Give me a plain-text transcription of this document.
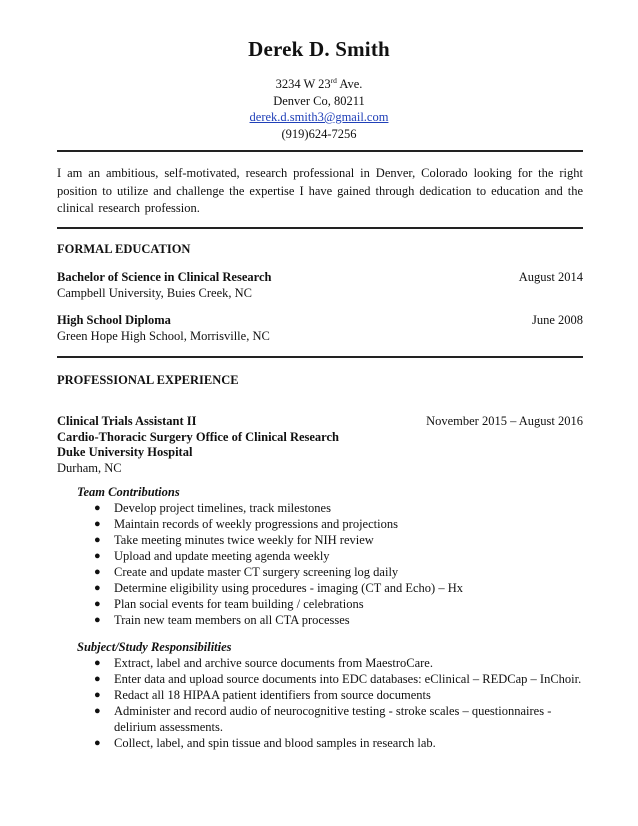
Derek D. Smith
3234 W 23rd Ave.
Denver Co, 80211
derek.d.smith3@gmail.com
(919)624-7256
I am an ambitious, self-motivated, research professional in Denver, Colorado looking for the right position to utilize and challenge the expertise I have gained through dedication to education and the clinical research profession.
FORMAL EDUCATION
Bachelor of Science in Clinical Research	August 2014
Campbell University, Buies Creek, NC
High School Diploma	June 2008
Green Hope High School, Morrisville, NC
PROFESSIONAL EXPERIENCE
Clinical Trials Assistant II
Cardio-Thoracic Surgery Office of Clinical Research
Duke University Hospital
Durham, NC
November 2015 – August 2016
Team Contributions
● Develop project timelines, track milestones
● Maintain records of weekly progressions and projections
● Take meeting minutes twice weekly for NIH review
● Upload and update meeting agenda weekly
● Create and update master CT surgery screening log daily
● Determine eligibility using procedures - imaging (CT and Echo) – Hx
● Plan social events for team building / celebrations
● Train new team members on all CTA processes
Subject/Study Responsibilities
● Extract, label and archive source documents from MaestroCare.
● Enter data and upload source documents into EDC databases: eClinical – REDCap – InChoir.
● Redact all 18 HIPAA patient identifiers from source documents
● Administer and record audio of neurocognitive testing - stroke scales – questionnaires - delirium assessments.
● Collect, label, and spin tissue and blood samples in research lab.
